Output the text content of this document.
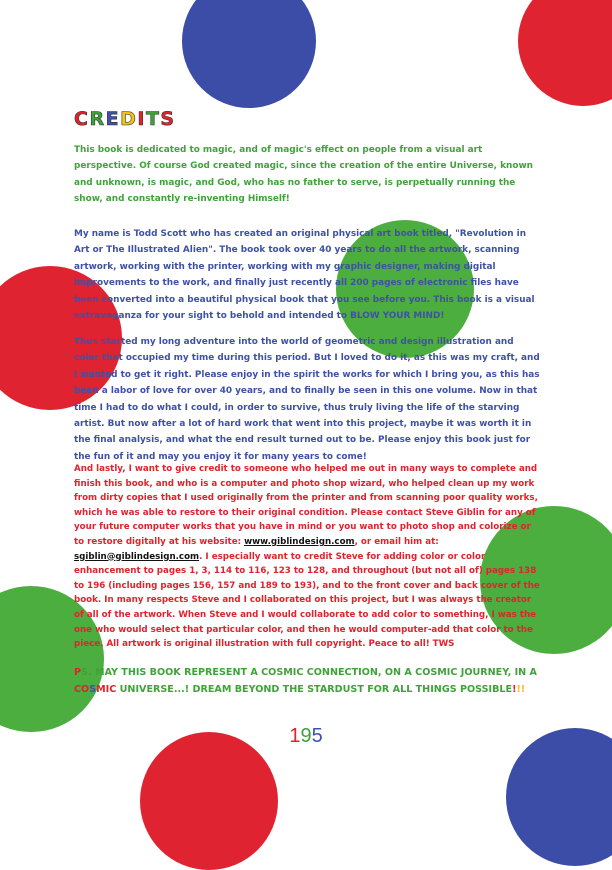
CREDITS

This book is dedicated to magic, and of magic's effect on people from a visual art perspective. Of course God created magic, since the creation of the entire Universe, known and unknown, is magic, and God, who has no father to serve, is perpetually running the show, and constantly re-inventing Himself!

My name is Todd Scott who has created an original physical art book titled, "Revolution in Art or The Illustrated Alien". The book took over 40 years to do all the artwork, scanning artwork, working with the printer, working with my graphic designer, making digital improvements to the work, and finally just recently all 200 pages of electronic files have been converted into a beautiful physical book that you see before you. This book is a visual extravaganza for your sight to behold and intended to BLOW YOUR MIND!

Thus started my long adventure into the world of geometric and design illustration and color that occupied my time during this period. But I loved to do it, as this was my craft, and I wanted to get it right. Please enjoy in the spirit the works for which I bring you, as this has been a labor of love for over 40 years, and to finally be seen in this one volume. Now in that time I had to do what I could, in order to survive, thus truly living the life of the starving artist. But now after a lot of hard work that went into this project, maybe it was worth it in the final analysis, and what the end result turned out to be. Please enjoy this book just for the fun of it and may you enjoy it for many years to come!

And lastly, I want to give credit to someone who helped me out in many ways to complete and finish this book, and who is a computer and photo shop wizard, who helped clean up my work from dirty copies that I used originally from the printer and from scanning poor quality works, which he was able to restore to their original condition. Please contact Steve Giblin for any of your future computer works that you have in mind or you want to photo shop and colorize or to restore digitally at his website: www.giblindesign.com, or email him at: sgiblin@giblindesign.com. I especially want to credit Steve for adding color or color enhancement to pages 1, 3, 114 to 116, 123 to 128, and throughout (but not all of) pages 138 to 196 (including pages 156, 157 and 189 to 193), and to the front cover and back cover of the book. In many respects Steve and I collaborated on this project, but I was always the creator of all of the artwork. When Steve and I would collaborate to add color to something, I was the one who would select that particular color, and then he would computer-add that color to the piece. All artwork is original illustration with full copyright. Peace to all! TWS

PS. MAY THIS BOOK REPRESENT A COSMIC CONNECTION, ON A COSMIC JOURNEY, IN A COSMIC UNIVERSE...! DREAM BEYOND THE STARDUST FOR ALL THINGS POSSIBLE!!!
195
